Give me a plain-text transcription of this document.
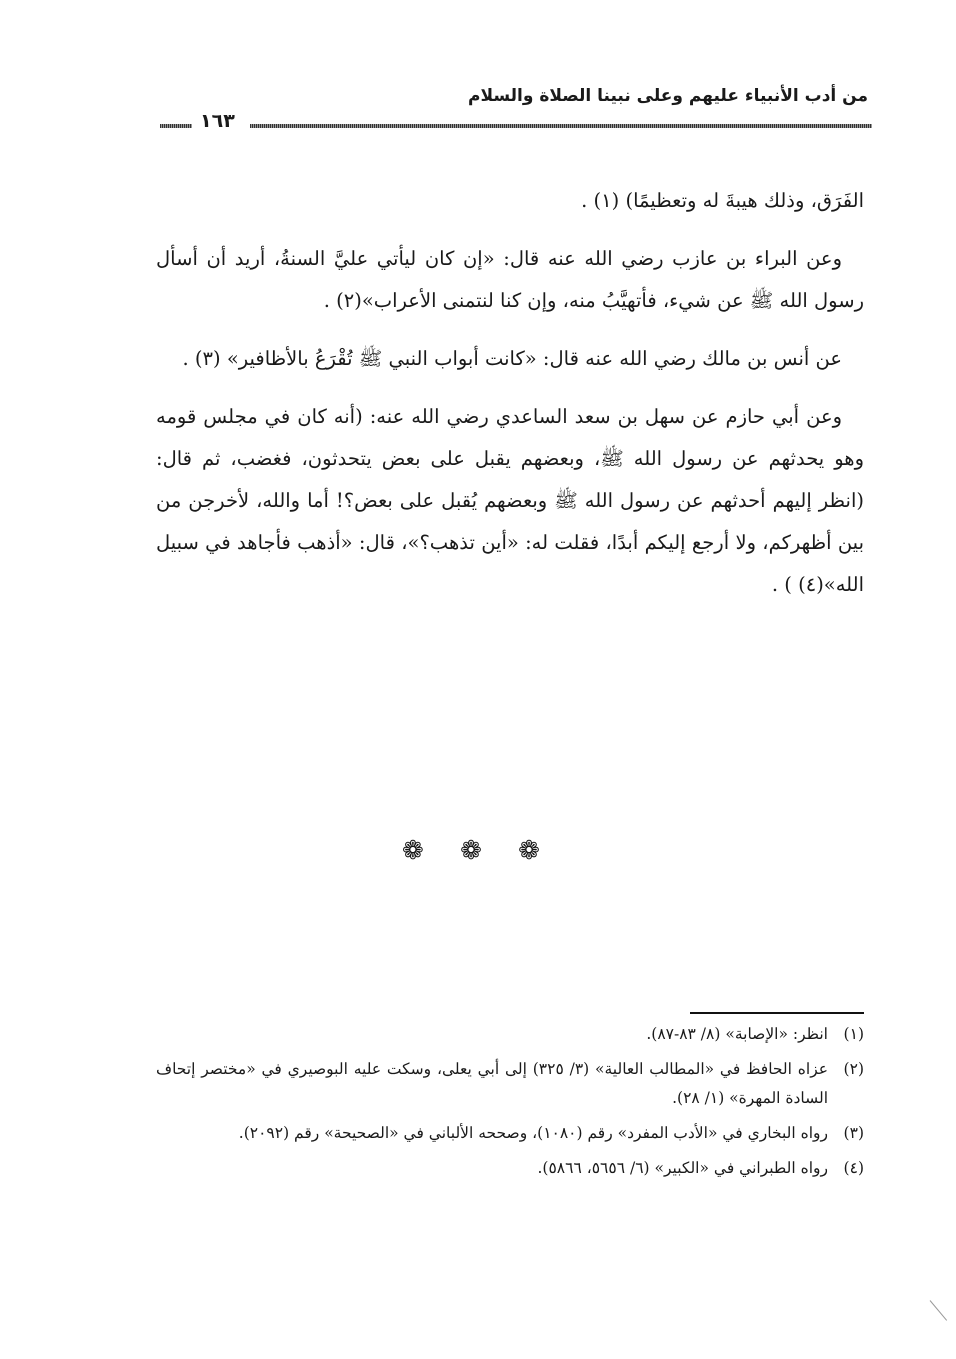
من أدب الأنبياء عليهم وعلى نبينا الصلاة والسلام
١٦٣

الفَرَق، وذلك هيبةَ له وتعظيمًا) (١) .

وعن البراء بن عازب رضي الله عنه قال: «إن كان ليأتي عليَّ السنةُ، أريد أن أسأل رسول الله ﷺ عن شيء، فأتهيَّبُ منه، وإن كنا لنتمنى الأعراب»(٢) .

عن أنس بن مالك رضي الله عنه قال: «كانت أبواب النبي ﷺ تُقْرَعُ بالأظافير» (٣) .

وعن أبي حازم عن سهل بن سعد الساعدي رضي الله عنه: (أنه كان في مجلس قومه وهو يحدثهم عن رسول الله ﷺ، وبعضهم يقبل على بعض يتحدثون، فغضب، ثم قال: (انظر إليهم أحدثهم عن رسول الله ﷺ وبعضهم يُقبل على بعض؟! أما والله، لأخرجن من بين أظهركم، ولا أرجع إليكم أبدًا، فقلت له: «أين تذهب؟»، قال: «أذهب فأجاهد في سبيل الله»(٤) ) .

❁ ❁ ❁
(١)
انظر: «الإصابة» (٨/ ٨٣-٨٧).
(٢)
عزاه الحافظ في «المطالب العالية» (٣/ ٣٢٥) إلى أبي يعلى، وسكت عليه البوصيري في «مختصر إتحاف السادة المهرة» (١/ ٢٨).
(٣)
رواه البخاري في «الأدب المفرد» رقم (١٠٨٠)، وصححه الألباني في «الصحيحة» رقم (٢٠٩٢).
(٤)
رواه الطبراني في «الكبير» (٦/ ٥٦٥٦، ٥٨٦٦).
